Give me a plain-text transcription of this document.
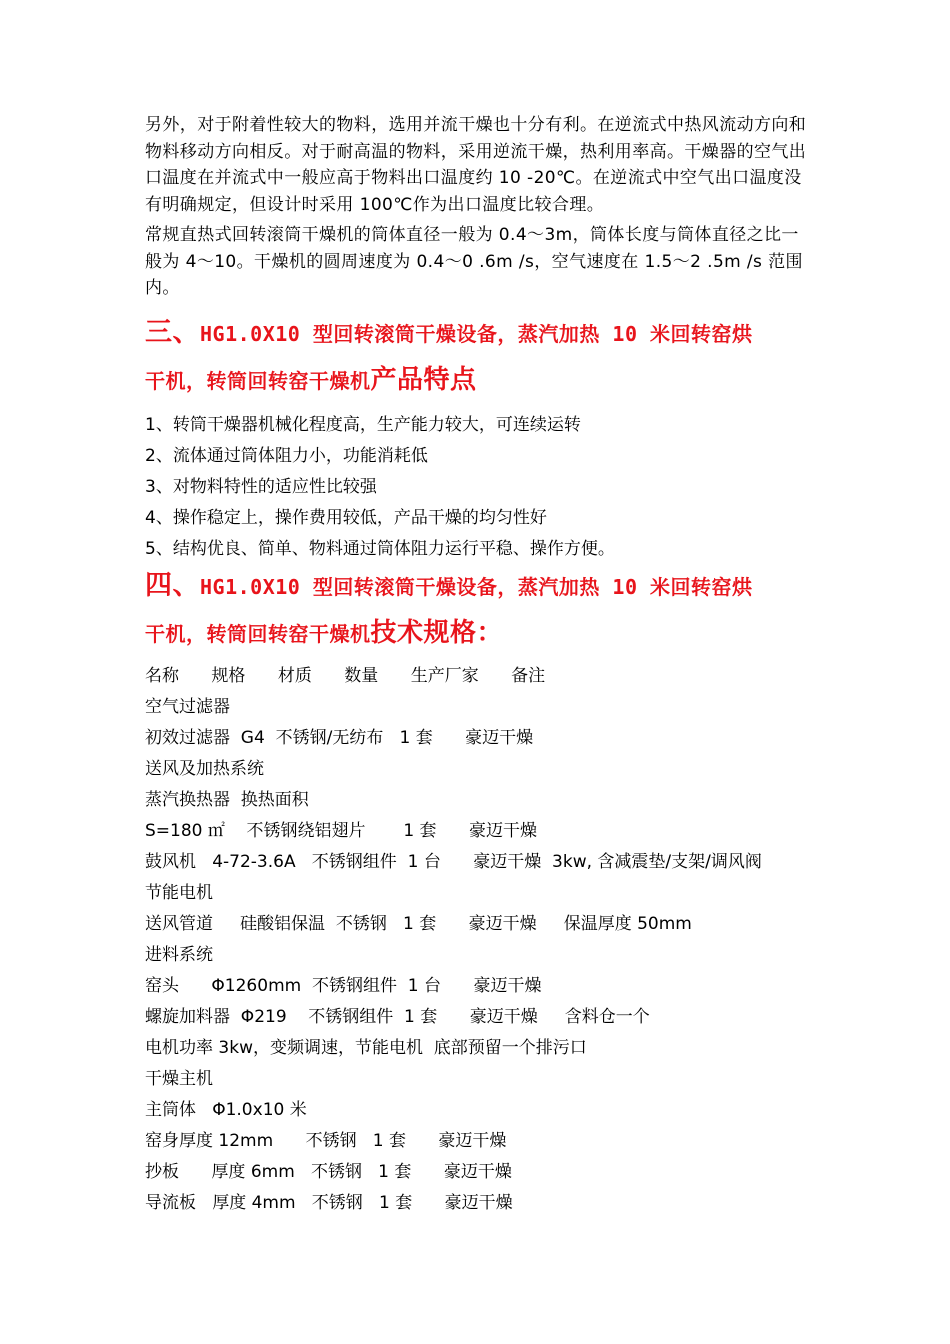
另外，对于附着性较大的物料，选用并流干燥也十分有利。在逆流式中热风流动方向和物料移动方向相反。对于耐高温的物料，采用逆流干燥，热利用率高。干燥器的空气出口温度在并流式中一般应高于物料出口温度约 10 -20℃。在逆流式中空气出口温度没有明确规定，但设计时采用 100℃作为出口温度比较合理。

常规直热式回转滚筒干燥机的筒体直径一般为 0.4～3m，筒体长度与筒体直径之比一般为 4～10。干燥机的圆周速度为 0.4～0 .6m /s，空气速度在 1.5～2 .5m /s 范围内。

三、HG1.0X10 型回转滚筒干燥设备，蒸汽加热 10 米回转窑烘
干机，转筒回转窑干燥机产品特点
1、转筒干燥器机械化程度高，生产能力较大，可连续运转
2、流体通过筒体阻力小，功能消耗低
3、对物料特性的适应性比较强
4、操作稳定上，操作费用较低，产品干燥的均匀性好
5、结构优良、简单、物料通过筒体阻力运行平稳、操作方便。
四、HG1.0X10 型回转滚筒干燥设备，蒸汽加热 10 米回转窑烘
干机，转筒回转窑干燥机技术规格：
名称      规格      材质      数量      生产厂家      备注
空气过滤器
初效过滤器  G4  不锈钢/无纺布   1 套      豪迈干燥
送风及加热系统
蒸汽换热器  换热面积
S=180 ㎡    不锈钢绕铝翅片       1 套      豪迈干燥
鼓风机   4-72-3.6A   不锈钢组件  1 台      豪迈干燥  3kw, 含减震垫/支架/调风阀
节能电机
送风管道     硅酸铝保温  不锈钢   1 套      豪迈干燥     保温厚度 50mm
进料系统
窑头      Φ1260mm  不锈钢组件  1 台      豪迈干燥
螺旋加料器  Φ219    不锈钢组件  1 套      豪迈干燥     含料仓一个
电机功率 3kw，变频调速，节能电机  底部预留一个排污口
干燥主机
主筒体   Φ1.0x10 米
窑身厚度 12mm      不锈钢   1 套      豪迈干燥
抄板      厚度 6mm   不锈钢   1 套      豪迈干燥
导流板   厚度 4mm   不锈钢   1 套      豪迈干燥
